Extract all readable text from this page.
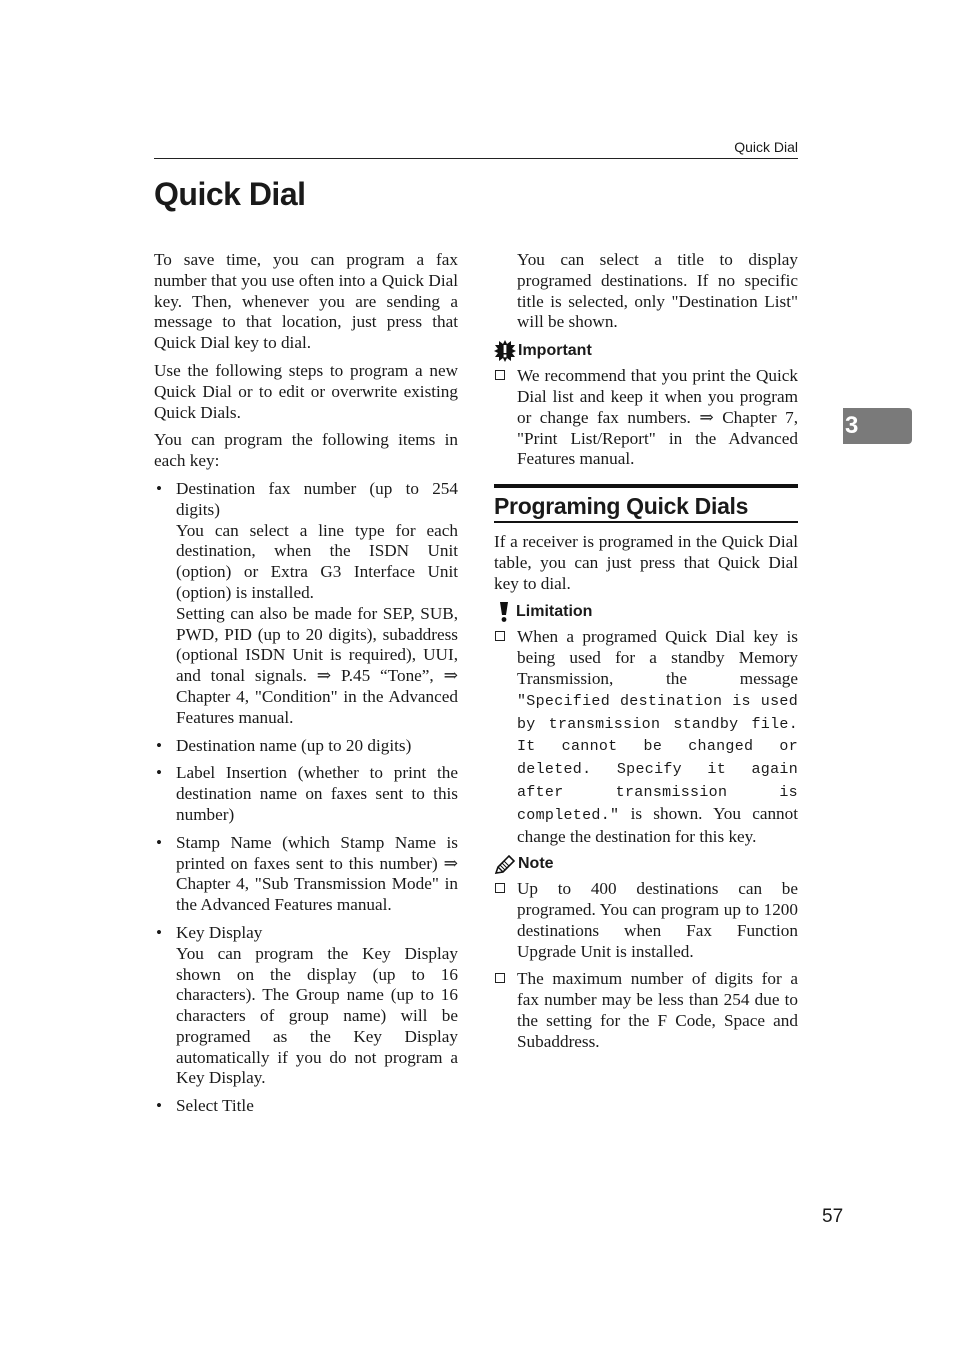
Quick Dial
Quick Dial

To save time, you can program a fax number that you use often into a Quick Dial key. Then, whenever you are sending a message to that location, just press that Quick Dial key to dial.

Use the following steps to program a new Quick Dial or to edit or overwrite existing Quick Dials.

You can program the following items in each key:

• Destination fax number (up to 254 digits)
You can select a line type for each destination, when the ISDN Unit (option) or Extra G3 Interface Unit (option) is installed.
Setting can also be made for SEP, SUB, PWD, PID (up to 20 digits), subaddress (optional ISDN Unit is required), UUI, and tonal signals. ⇒ P.45 “Tone”, ⇒ Chapter 4, "Condition" in the Advanced Features manual.
• Destination name (up to 20 digits)
• Label Insertion (whether to print the destination name on faxes sent to this number)
• Stamp Name (which Stamp Name is printed on faxes sent to this number) ⇒ Chapter 4, "Sub Transmission Mode" in the Advanced Features manual.
• Key Display
You can program the Key Display shown on the display (up to 16 characters). The Group name (up to 16 characters of group name) will be programed as the Key Display automatically if you do not program a Key Display.
• Select Title

You can select a title to display programed destinations. If no specific title is selected, only "Destination List" will be shown.

Important
We recommend that you print the Quick Dial list and keep it when you program or change fax numbers. ⇒ Chapter 7, "Print List/Report" in the Advanced Features manual.
Programing Quick Dials

If a receiver is programed in the Quick Dial table, you can just press that Quick Dial key to dial.

Limitation
When a programed Quick Dial key is being used for a standby Memory Transmission, the message "Specified destination is used by transmission standby file. It cannot be changed or deleted. Specify it again after transmission is completed." is shown. You cannot change the destination for this key.
Note
Up to 400 destinations can be programed. You can program up to 1200 destinations when Fax Function Upgrade Unit is installed.
The maximum number of digits for a fax number may be less than 254 due to the setting for the F Code, Space and Subaddress.
3
57
